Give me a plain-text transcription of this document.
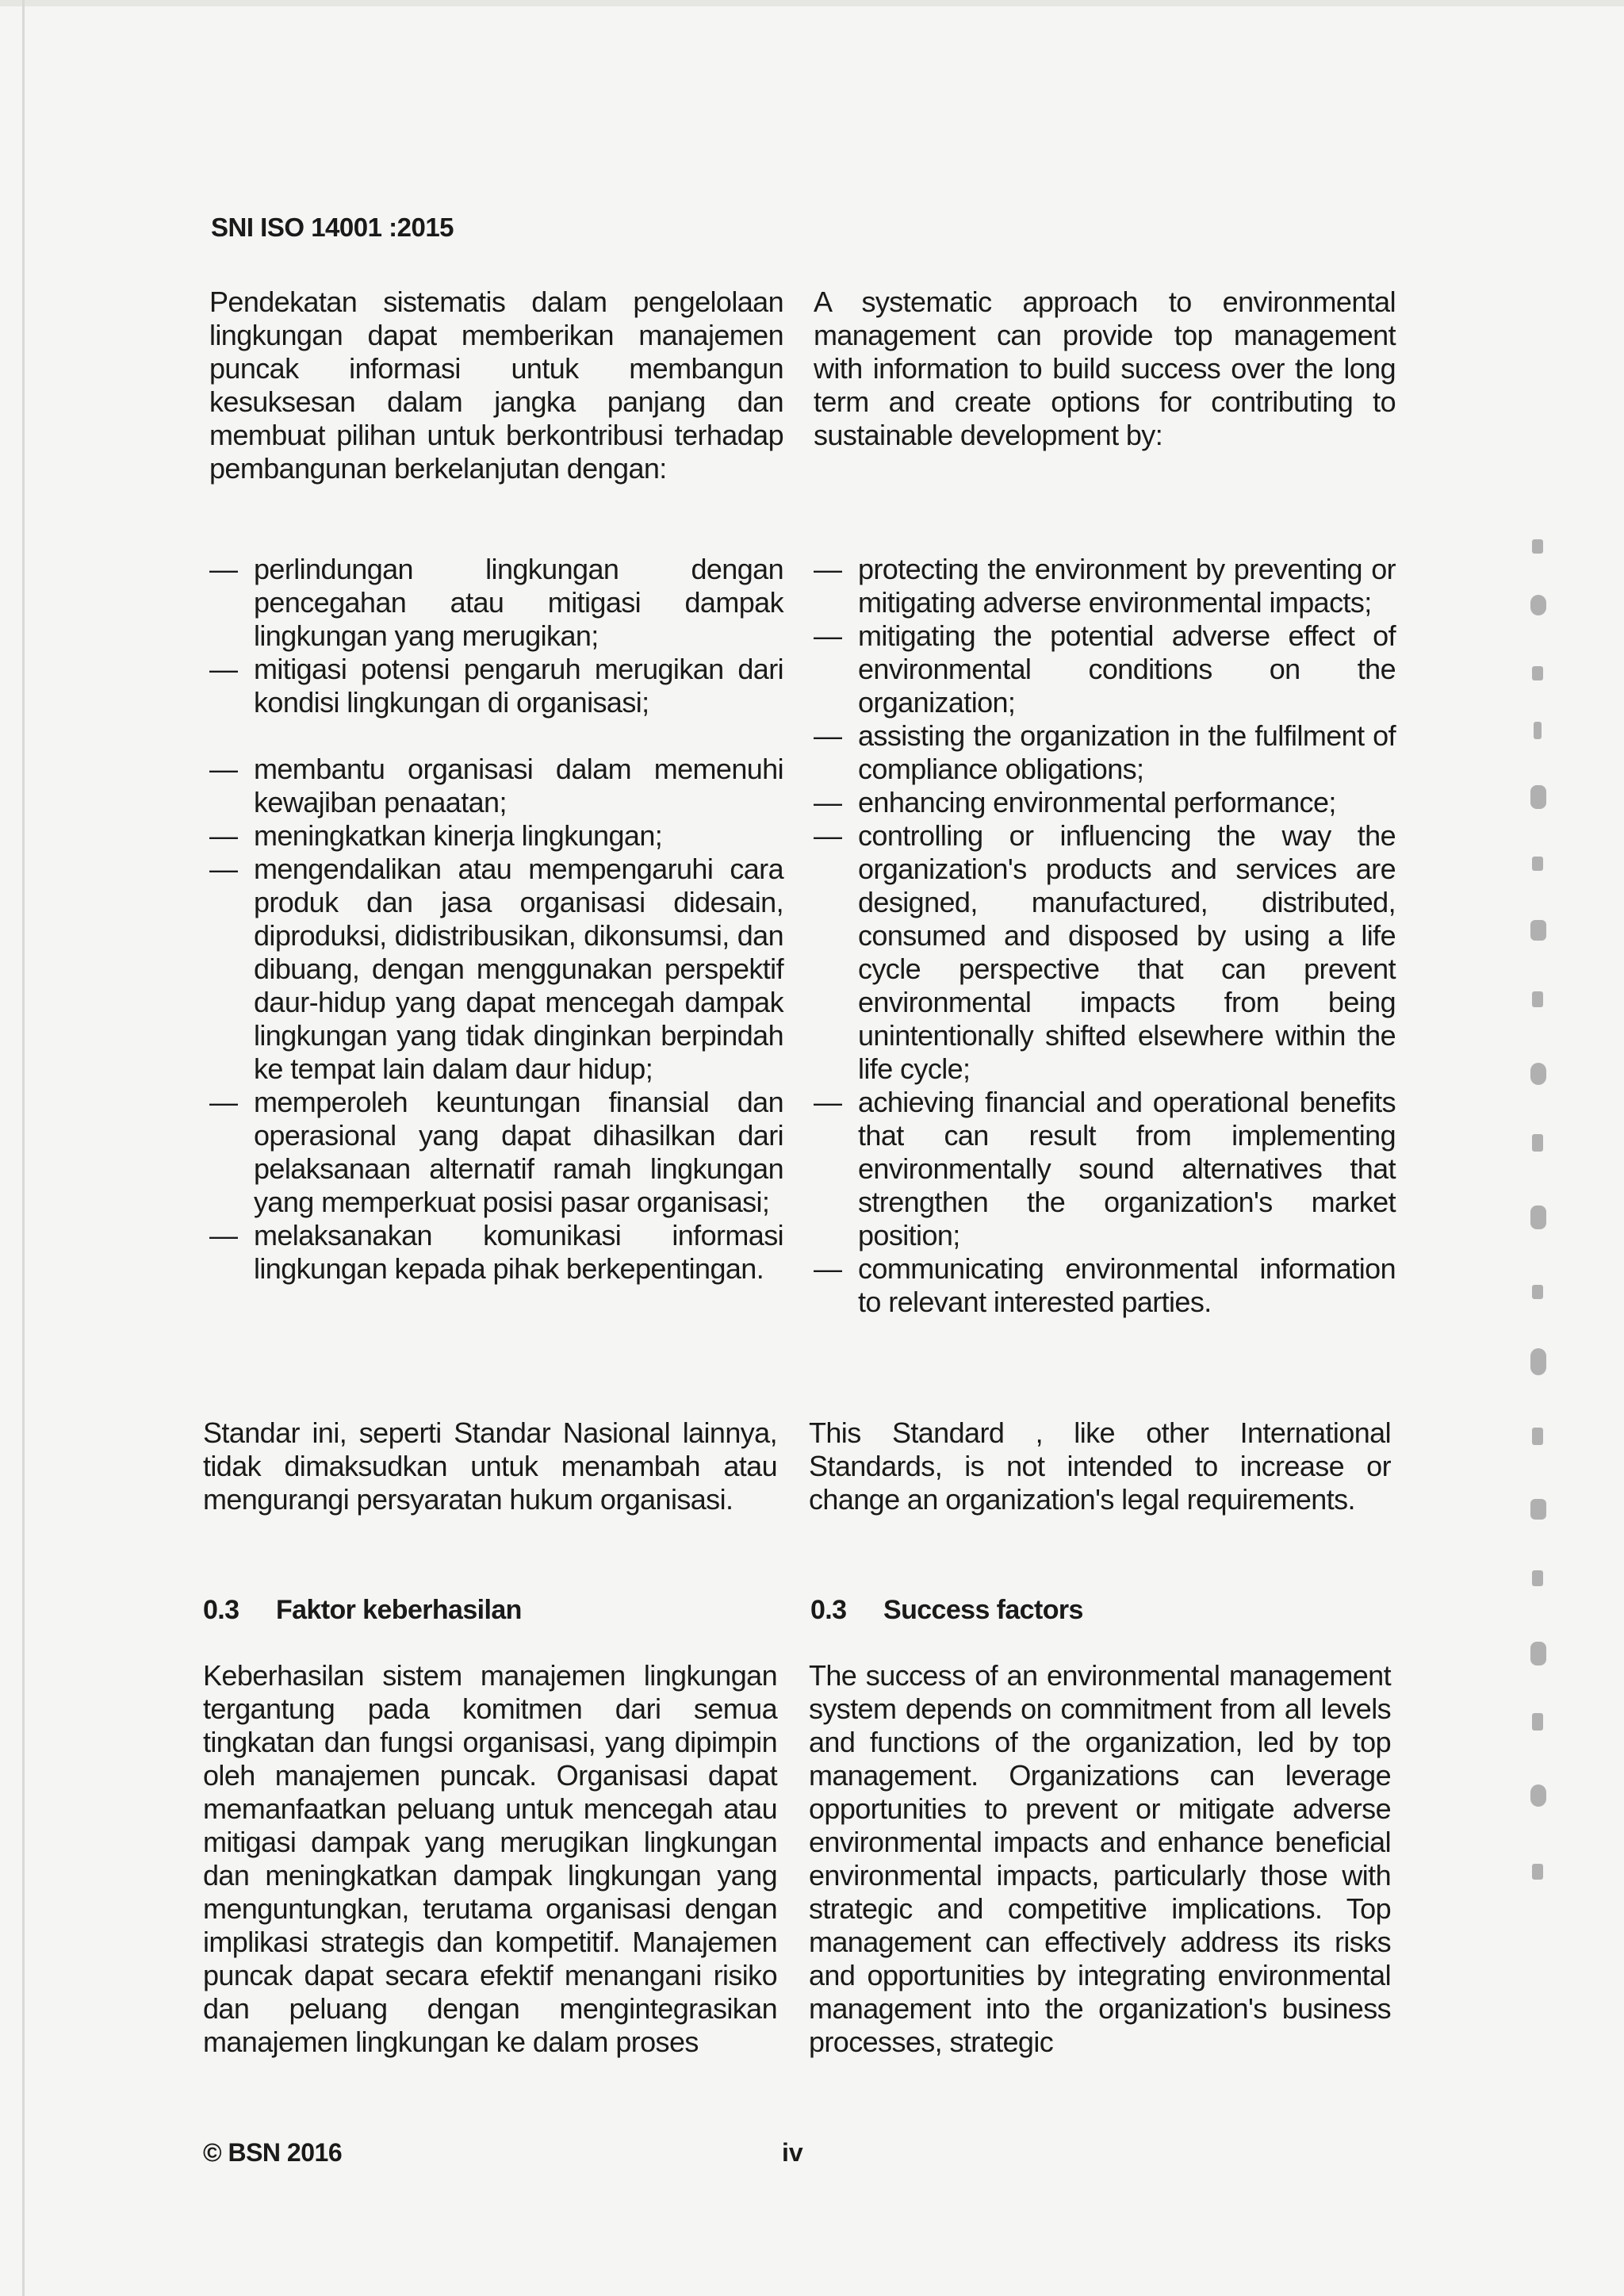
SNI ISO 14001 :2015

Pendekatan sistematis dalam pengelolaan lingkungan dapat memberikan manajemen puncak informasi untuk membangun kesuksesan dalam jangka panjang dan membuat pilihan untuk berkontribusi terhadap pembangunan berkelanjutan dengan:

A systematic approach to environmental management can provide top management with information to build success over the long term and create options for contributing to sustainable development by:

— perlindungan lingkungan dengan pencegahan atau mitigasi dampak lingkungan yang merugikan;
— mitigasi potensi pengaruh merugikan dari kondisi lingkungan di organisasi;
— membantu organisasi dalam memenuhi kewajiban penaatan;
— meningkatkan kinerja lingkungan;
— mengendalikan atau mempengaruhi cara produk dan jasa organisasi didesain, diproduksi, didistribusikan, dikonsumsi, dan dibuang, dengan menggunakan perspektif daur-hidup yang dapat mencegah dampak lingkungan yang tidak dinginkan berpindah ke tempat lain dalam daur hidup;
— memperoleh keuntungan finansial dan operasional yang dapat dihasilkan dari pelaksanaan alternatif ramah lingkungan yang memperkuat posisi pasar organisasi;
— melaksanakan komunikasi informasi lingkungan kepada pihak berkepentingan.
— protecting the environment by preventing or mitigating adverse environmental impacts;
— mitigating the potential adverse effect of environmental conditions on the organization;
— assisting the organization in the fulfilment of compliance obligations;
— enhancing environmental performance;
— controlling or influencing the way the organization's products and services are designed, manufactured, distributed, consumed and disposed by using a life cycle perspective that can prevent environmental impacts from being unintentionally shifted elsewhere within the life cycle;
— achieving financial and operational benefits that can result from implementing environmentally sound alternatives that strengthen the organization's market position;
— communicating environmental information to relevant interested parties.

Standar ini, seperti Standar Nasional lainnya, tidak dimaksudkan untuk menambah atau mengurangi persyaratan hukum organisasi.

This Standard , like other International Standards, is not intended to increase or change an organization's legal requirements.

0.3 Faktor keberhasilan	0.3 Success factors

Keberhasilan sistem manajemen lingkungan tergantung pada komitmen dari semua tingkatan dan fungsi organisasi, yang dipimpin oleh manajemen puncak. Organisasi dapat memanfaatkan peluang untuk mencegah atau mitigasi dampak yang merugikan lingkungan dan meningkatkan dampak lingkungan yang menguntungkan, terutama organisasi dengan implikasi strategis dan kompetitif. Manajemen puncak dapat secara efektif menangani risiko dan peluang dengan mengintegrasikan manajemen lingkungan ke dalam proses

The success of an environmental management system depends on commitment from all levels and functions of the organization, led by top management. Organizations can leverage opportunities to prevent or mitigate adverse environmental impacts and enhance beneficial environmental impacts, particularly those with strategic and competitive implications. Top management can effectively address its risks and opportunities by integrating environmental management into the organization's business processes, strategic

© BSN 2016	iv
